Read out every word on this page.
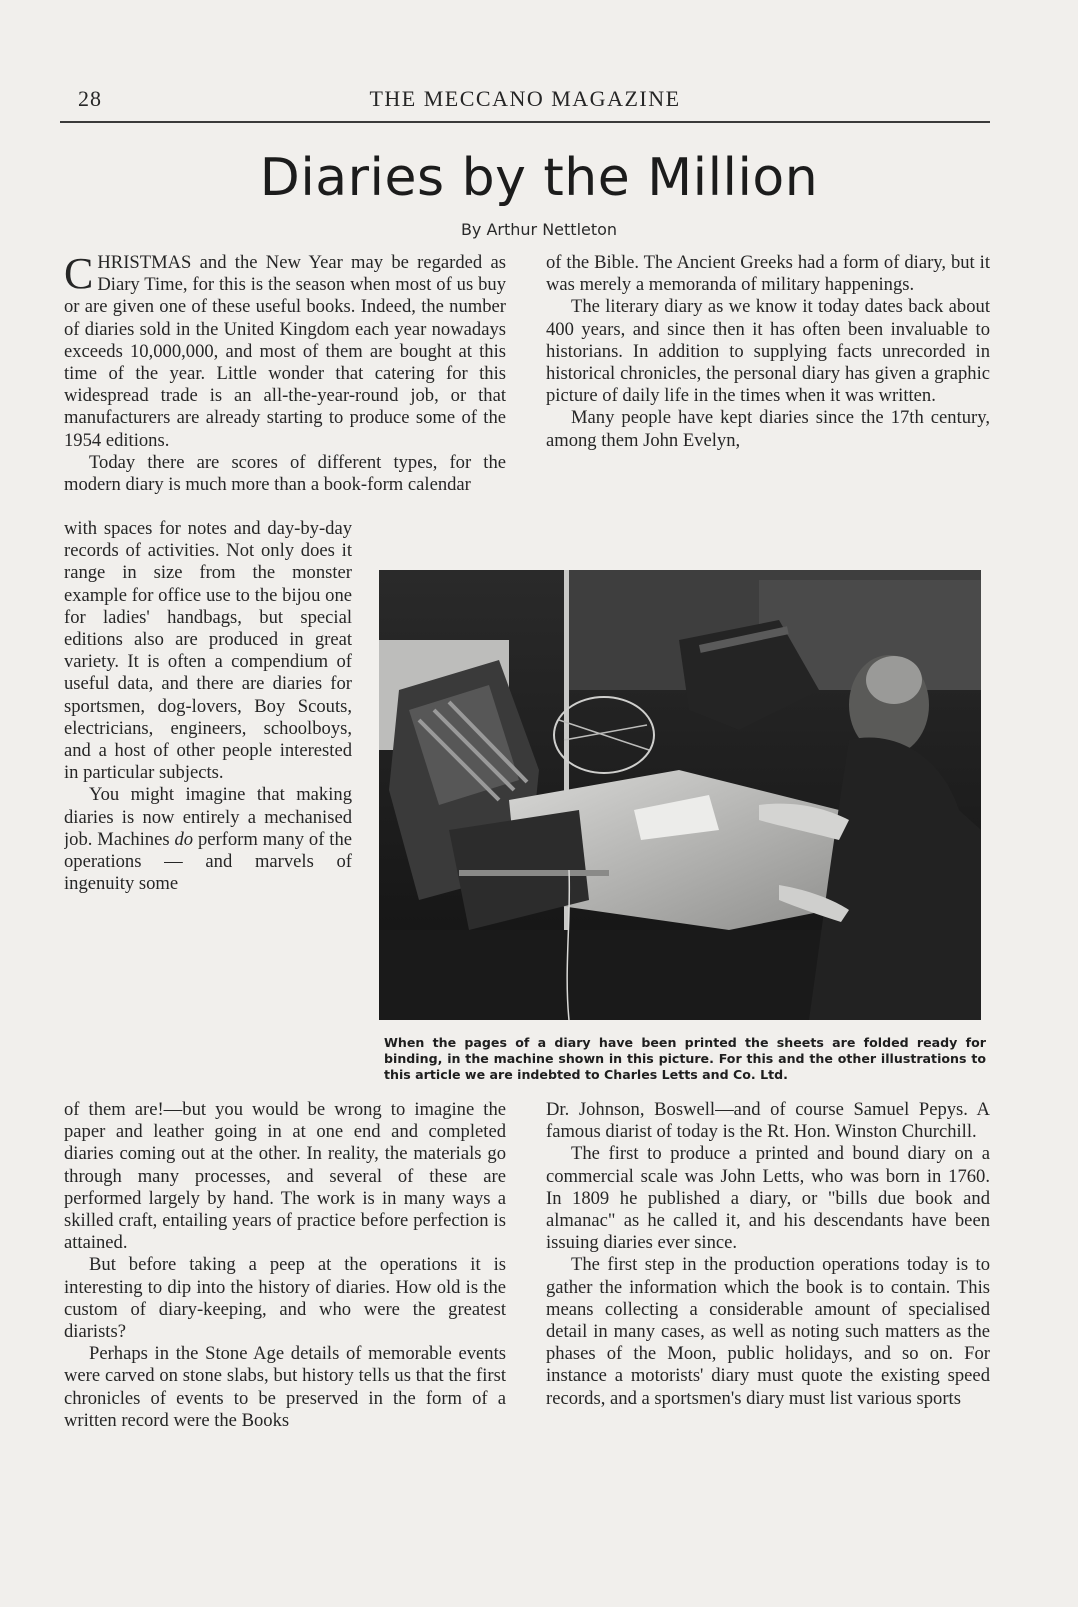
28	THE MECCANO MAGAZINE
Diaries by the Million
By Arthur Nettleton

CHRISTMAS and the New Year may be regarded as Diary Time, for this is the season when most of us buy or are given one of these useful books. Indeed, the number of diaries sold in the United Kingdom each year nowadays exceeds 10,000,000, and most of them are bought at this time of the year. Little wonder that catering for this widespread trade is an all-the-year-round job, or that manufacturers are already starting to produce some of the 1954 editions.

Today there are scores of different types, for the modern diary is much more than a book-form calendar

of the Bible. The Ancient Greeks had a form of diary, but it was merely a memoranda of military happenings.

The literary diary as we know it today dates back about 400 years, and since then it has often been invaluable to historians. In addition to supplying facts unrecorded in historical chronicles, the personal diary has given a graphic picture of daily life in the times when it was written.

Many people have kept diaries since the 17th century, among them John Evelyn,

with spaces for notes and day-by-day records of activities. Not only does it range in size from the monster example for office use to the bijou one for ladies' handbags, but special editions also are produced in great variety. It is often a compendium of useful data, and there are diaries for sportsmen, dog-lovers, Boy Scouts, electricians, engineers, schoolboys, and a host of other people interested in particular subjects.

You might imagine that making diaries is now entirely a mechanised job. Machines do perform many of the operations — and marvels of ingenuity some

When the pages of a diary have been printed the sheets are folded ready for binding, in the machine shown in this picture. For this and the other illustrations to this article we are indebted to Charles Letts and Co. Ltd.

of them are!—but you would be wrong to imagine the paper and leather going in at one end and completed diaries coming out at the other. In reality, the materials go through many processes, and several of these are performed largely by hand. The work is in many ways a skilled craft, entailing years of practice before perfection is attained.

But before taking a peep at the operations it is interesting to dip into the history of diaries. How old is the custom of diary-keeping, and who were the greatest diarists?

Perhaps in the Stone Age details of memorable events were carved on stone slabs, but history tells us that the first chronicles of events to be preserved in the form of a written record were the Books

Dr. Johnson, Boswell—and of course Samuel Pepys. A famous diarist of today is the Rt. Hon. Winston Churchill.

The first to produce a printed and bound diary on a commercial scale was John Letts, who was born in 1760. In 1809 he published a diary, or "bills due book and almanac" as he called it, and his descendants have been issuing diaries ever since.

The first step in the production operations today is to gather the information which the book is to contain. This means collecting a considerable amount of specialised detail in many cases, as well as noting such matters as the phases of the Moon, public holidays, and so on. For instance a motorists' diary must quote the existing speed records, and a sportsmen's diary must list various sports
